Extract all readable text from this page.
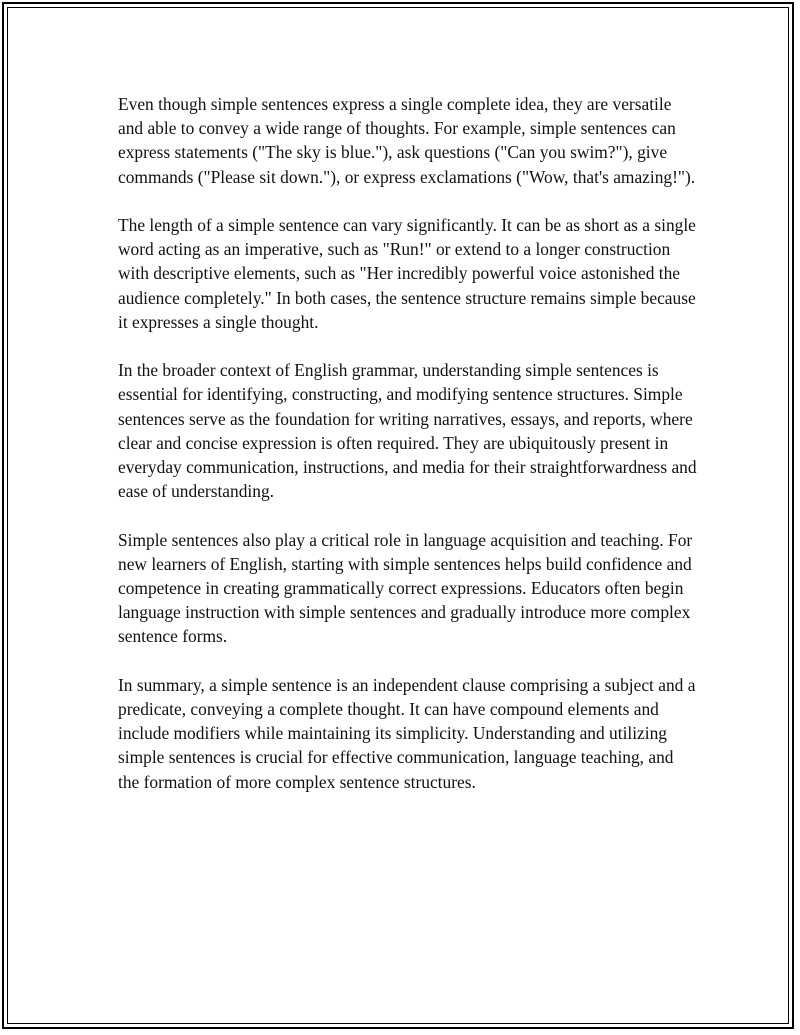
Even though simple sentences express a single complete idea, they are versatile and able to convey a wide range of thoughts. For example, simple sentences can express statements ("The sky is blue."), ask questions ("Can you swim?"), give commands ("Please sit down."), or express exclamations ("Wow, that's amazing!").

The length of a simple sentence can vary significantly. It can be as short as a single word acting as an imperative, such as "Run!" or extend to a longer construction with descriptive elements, such as "Her incredibly powerful voice astonished the audience completely." In both cases, the sentence structure remains simple because it expresses a single thought.

In the broader context of English grammar, understanding simple sentences is essential for identifying, constructing, and modifying sentence structures. Simple sentences serve as the foundation for writing narratives, essays, and reports, where clear and concise expression is often required. They are ubiquitously present in everyday communication, instructions, and media for their straightforwardness and ease of understanding.

Simple sentences also play a critical role in language acquisition and teaching. For new learners of English, starting with simple sentences helps build confidence and competence in creating grammatically correct expressions. Educators often begin language instruction with simple sentences and gradually introduce more complex sentence forms.

In summary, a simple sentence is an independent clause comprising a subject and a predicate, conveying a complete thought. It can have compound elements and include modifiers while maintaining its simplicity. Understanding and utilizing simple sentences is crucial for effective communication, language teaching, and the formation of more complex sentence structures.
